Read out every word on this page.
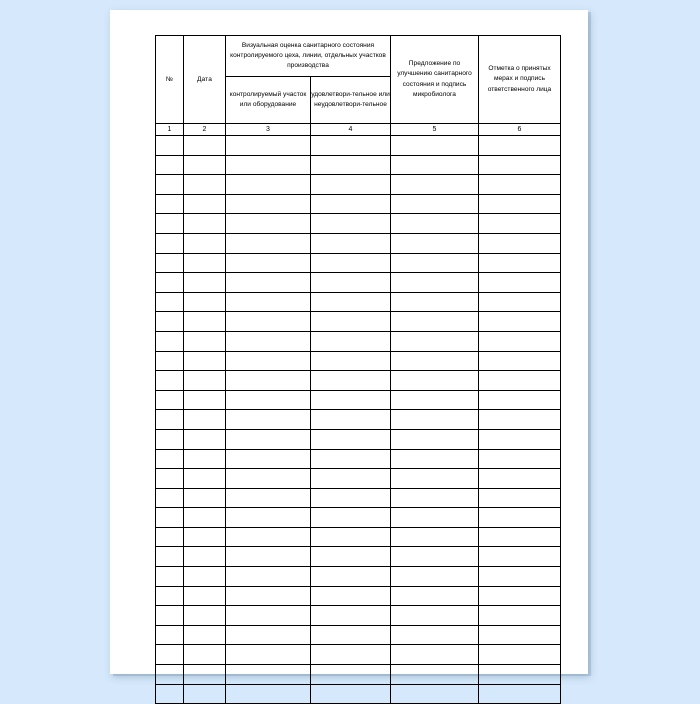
№	Дата	Визуальная оценка санитарного состояния контролируемого цеха, линии, отдельных участков производства		Предложение по улучшению санитарного состояния и подпись микробиолога	Отметка о принятых мерах и подпись ответственного лица
		контролируемый участок или оборудование	удовлетвори-тельное или неудовлетвори-тельное		
1	2	3	4	5	6
